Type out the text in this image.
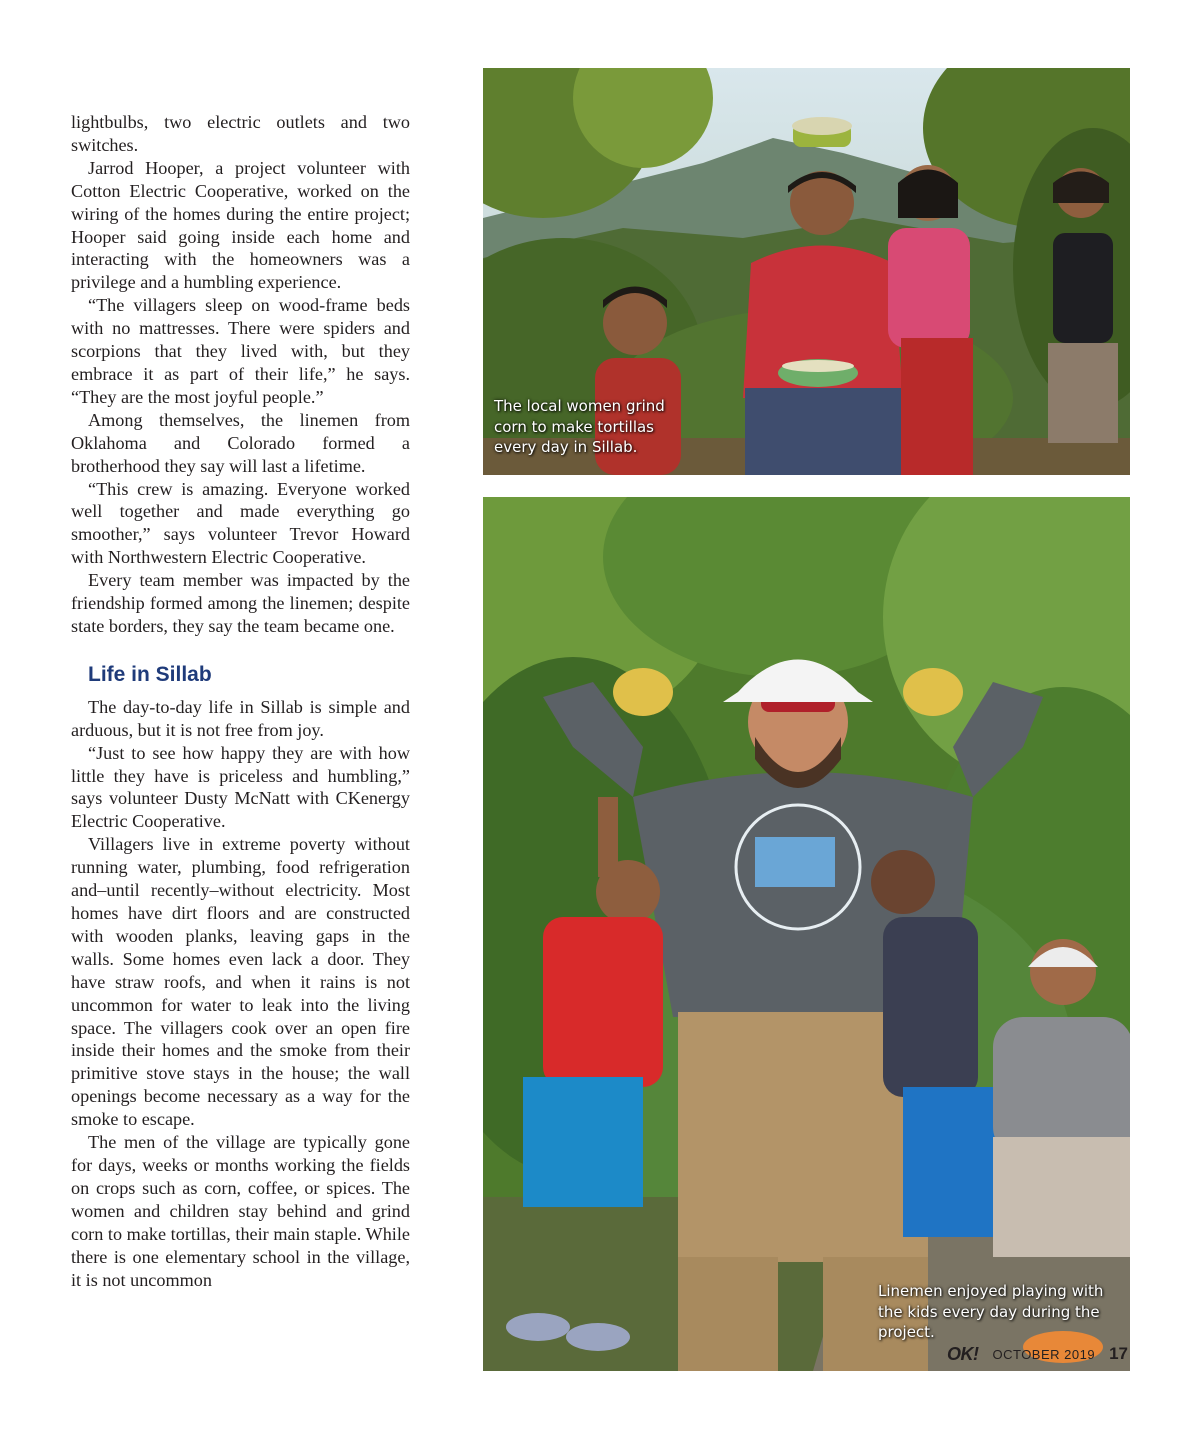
lightbulbs, two electric outlets and two switches.

Jarrod Hooper, a project volunteer with Cotton Electric Cooperative, worked on the wiring of the homes during the entire project; Hooper said going inside each home and interacting with the homeowners was a privilege and a humbling experience.

“The villagers sleep on wood-frame beds with no mattresses. There were spiders and scorpions that they lived with, but they embrace it as part of their life,” he says. “They are the most joyful people.”

Among themselves, the linemen from Oklahoma and Colorado formed a brotherhood they say will last a lifetime.

“This crew is amazing. Everyone worked well together and made everything go smoother,” says volunteer Trevor Howard with Northwestern Electric Cooperative.

Every team member was impacted by the friendship formed among the linemen; despite state borders, they say the team became one.

Life in Sillab

The day-to-day life in Sillab is simple and arduous, but it is not free from joy.

“Just to see how happy they are with how little they have is priceless and humbling,” says volunteer Dusty McNatt with CKenergy Electric Cooperative.

Villagers live in extreme poverty without running water, plumbing, food refrigeration and–until recently–without electricity. Most homes have dirt floors and are constructed with wooden planks, leaving gaps in the walls. Some homes even lack a door. They have straw roofs, and when it rains is not uncommon for water to leak into the living space. The villagers cook over an open fire inside their homes and the smoke from their primitive stove stays in the house; the wall openings become necessary as a way for the smoke to escape.

The men of the village are typically gone for days, weeks or months working the fields on crops such as corn, coffee, or spices. The women and children stay behind and grind corn to make tortillas, their main staple. While there is one elementary school in the village, it is not uncommon

The local women grind corn to make tortillas every day in Sillab.
Linemen enjoyed playing with the kids every day during the project.
OK! OCTOBER 2019 17
